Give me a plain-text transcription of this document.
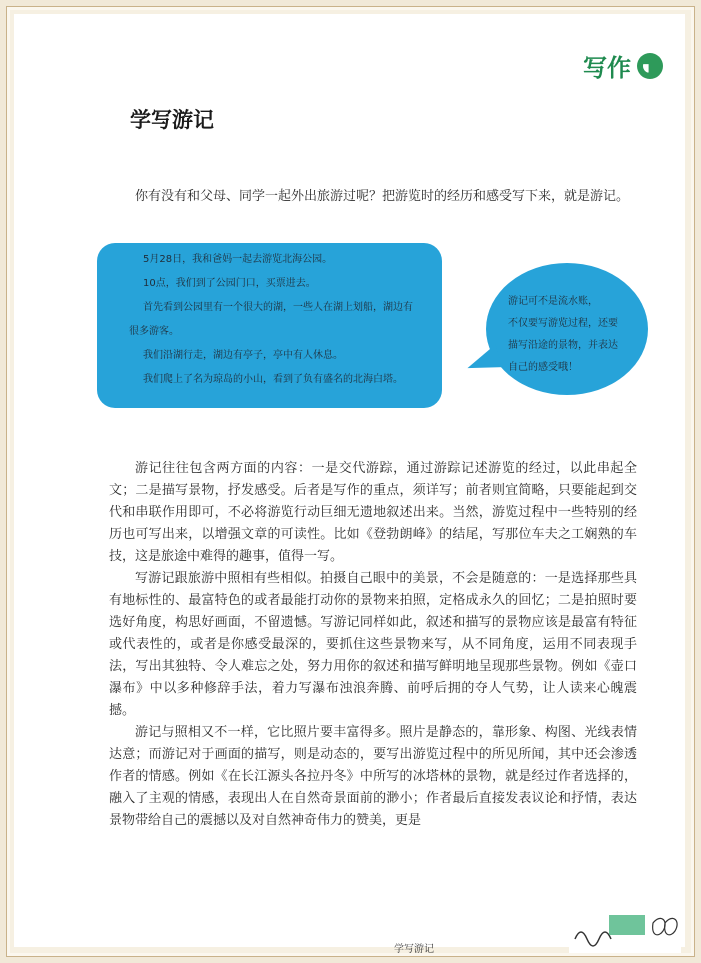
写作
学写游记

你有没有和父母、同学一起外出旅游过呢？把游览时的经历和感受写下来，就是游记。

5月28日，我和爸妈一起去游览北海公园。

10点，我们到了公园门口，买票进去。

首先看到公园里有一个很大的湖，一些人在湖上划船，湖边有很多游客。

我们沿湖行走，湖边有亭子，亭中有人休息。

我们爬上了名为琼岛的小山，看到了负有盛名的北海白塔。

游记可不是流水账，

不仅要写游览过程，还要

描写沿途的景物，并表达

自己的感受哦！

游记往往包含两方面的内容：一是交代游踪，通过游踪记述游览的经过，以此串起全文；二是描写景物，抒发感受。后者是写作的重点，须详写；前者则宜简略，只要能起到交代和串联作用即可，不必将游览行动巨细无遗地叙述出来。当然，游览过程中一些特别的经历也可写出来，以增强文章的可读性。比如《登勃朗峰》的结尾，写那位车夫之工娴熟的车技，这是旅途中难得的趣事，值得一写。

写游记跟旅游中照相有些相似。拍摄自己眼中的美景，不会是随意的：一是选择那些具有地标性的、最富特色的或者最能打动你的景物来拍照，定格成永久的回忆；二是拍照时要选好角度，构思好画面，不留遗憾。写游记同样如此，叙述和描写的景物应该是最富有特征或代表性的，或者是你感受最深的，要抓住这些景物来写，从不同角度，运用不同表现手法，写出其独特、令人难忘之处，努力用你的叙述和描写鲜明地呈现那些景物。例如《壶口瀑布》中以多种修辞手法，着力写瀑布浊浪奔腾、前呼后拥的夺人气势，让人读来心魄震撼。

游记与照相又不一样，它比照片要丰富得多。照片是静态的，靠形象、构图、光线表情达意；而游记对于画面的描写，则是动态的，要写出游览过程中的所见所闻，其中还会渗透作者的情感。例如《在长江源头各拉丹冬》中所写的冰塔林的景物，就是经过作者选择的，融入了主观的情感，表现出人在自然奇景面前的渺小；作者最后直接发表议论和抒情，表达景物带给自己的震撼以及对自然神奇伟力的赞美，更是

学写游记
